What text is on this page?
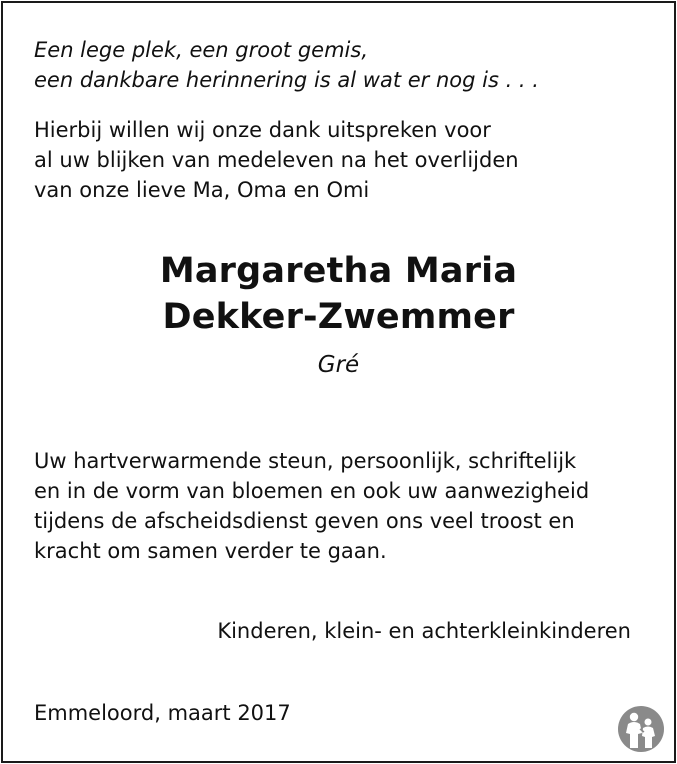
Een lege plek, een groot gemis,
een dankbare herinnering is al wat er nog is . . .
Hierbij willen wij onze dank uitspreken voor
al uw blijken van medeleven na het overlijden
van onze lieve Ma, Oma en Omi
Margaretha Maria
Dekker-Zwemmer
Gré
Uw hartverwarmende steun, persoonlijk, schriftelijk
en in de vorm van bloemen en ook uw aanwezigheid
tijdens de afscheidsdienst geven ons veel troost en
kracht om samen verder te gaan.
Kinderen, klein- en achterkleinkinderen
Emmeloord, maart 2017
